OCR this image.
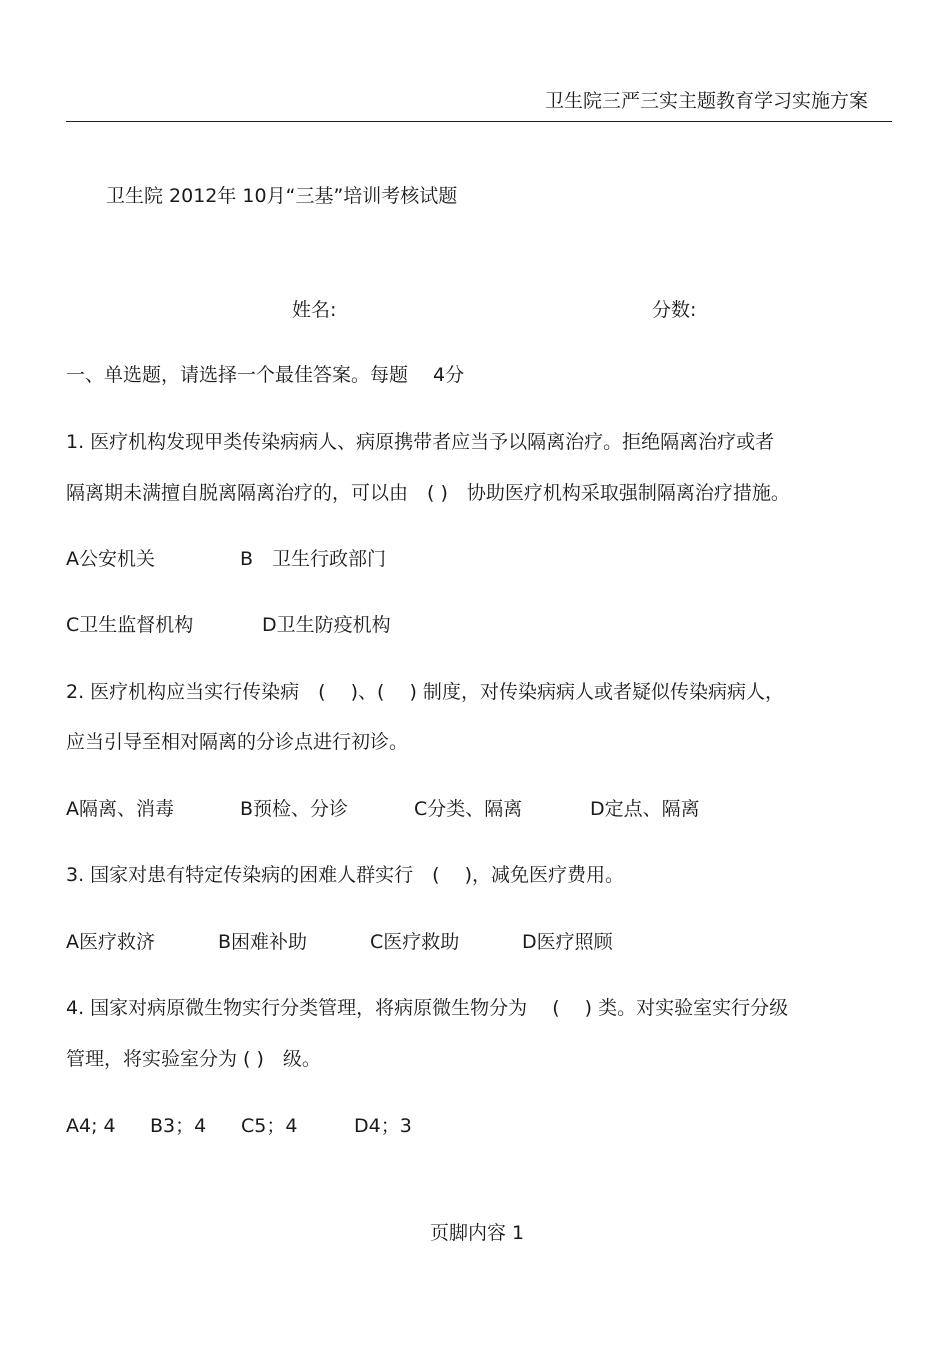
卫生院三严三实主题教育学习实施方案
卫生院 2012年 10月“三基”培训考核试题
姓名:	分数:
一、单选题，请选择一个最佳答案。每题　 4分
1. 医疗机构发现甲类传染病病人、病原携带者应当予以隔离治疗。拒绝隔离治疗或者
隔离期未满擅自脱离隔离治疗的，可以由　( )　协助医疗机构采取强制隔离治疗措施。
A公安机关	B　卫生行政部门
C卫生监督机构	D卫生防疫机构
2. 医疗机构应当实行传染病　(　 )、(　 ) 制度，对传染病病人或者疑似传染病病人，
应当引导至相对隔离的分诊点进行初诊。
A隔离、消毒	B预检、分诊	C分类、隔离	D定点、隔离
3. 国家对患有特定传染病的困难人群实行　(　 )，减免医疗费用。
A医疗救济	B困难补助	C医疗救助	D医疗照顾
4. 国家对病原微生物实行分类管理，将病原微生物分为　 (　 ) 类。对实验室实行分级
管理，将实验室分为 ( )　级。
A4; 4 B3；4 C5；4	D4；3
页脚内容 1
